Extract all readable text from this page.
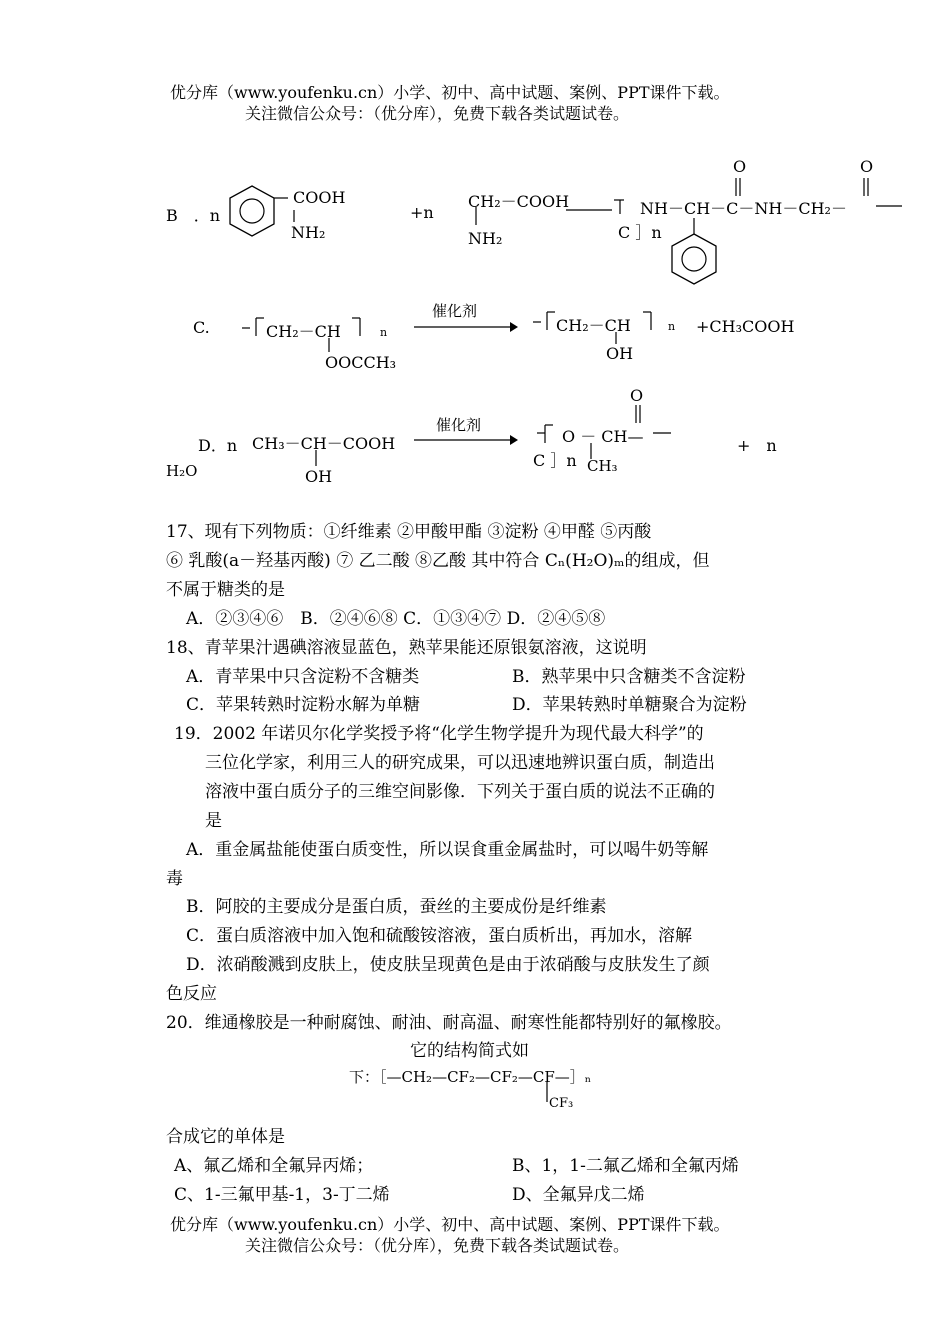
优分库（www.youfenku.cn）小学、初中、高中试题、案例、PPT课件下载。
关注微信公众号：（优分库），免费下载各类试题试卷。
B　．n
COOH
NH₂
+n
CH₂－COOH
NH₂
O	O
NH－CH－C－NH－CH₂－
C ］n
C.	CH₂－CH	n
OOCCH₃
催化剂
CH₂－CH	n
OH
+CH₃COOH
D．n CH₃－CH－COOH
OH
催化剂
O
O － CH—
C ］n CH₃
+　n
H₂O
17、现有下列物质：①纤维素 ②甲酸甲酯 ③淀粉 ④甲醛 ⑤丙酸
⑥ 乳酸(a－羟基丙酸) ⑦ 乙二酸 ⑧乙酸 其中符合 Cₙ(H₂O)ₘ的组成，但
不属于糖类的是
A．②③④⑥　B．②④⑥⑧ C．①③④⑦ D．②④⑤⑧
18、青苹果汁遇碘溶液显蓝色，熟苹果能还原银氨溶液，这说明
A．青苹果中只含淀粉不含糖类	B．熟苹果中只含糖类不含淀粉
C．苹果转熟时淀粉水解为单糖	D．苹果转熟时单糖聚合为淀粉
19．2002 年诺贝尔化学奖授予将“化学生物学提升为现代最大科学”的
三位化学家，利用三人的研究成果，可以迅速地辨识蛋白质，制造出
溶液中蛋白质分子的三维空间影像．下列关于蛋白质的说法不正确的
是
A．重金属盐能使蛋白质变性，所以误食重金属盐时，可以喝牛奶等解
毒
B．阿胶的主要成分是蛋白质，蚕丝的主要成份是纤维素
C．蛋白质溶液中加入饱和硫酸铵溶液，蛋白质析出，再加水，溶解
D．浓硝酸溅到皮肤上，使皮肤呈现黄色是由于浓硝酸与皮肤发生了颜
色反应
20．维通橡胶是一种耐腐蚀、耐油、耐高温、耐寒性能都特别好的氟橡胶。
它的结构简式如
下：［—CH₂—CF₂—CF₂—CF—］ₙ
CF₃
合成它的单体是
A、氟乙烯和全氟异丙烯；	B、1，1-二氟乙烯和全氟丙烯
C、1-三氟甲基-1，3-丁二烯	D、全氟异戊二烯
优分库（www.youfenku.cn）小学、初中、高中试题、案例、PPT课件下载。
关注微信公众号：（优分库），免费下载各类试题试卷。
